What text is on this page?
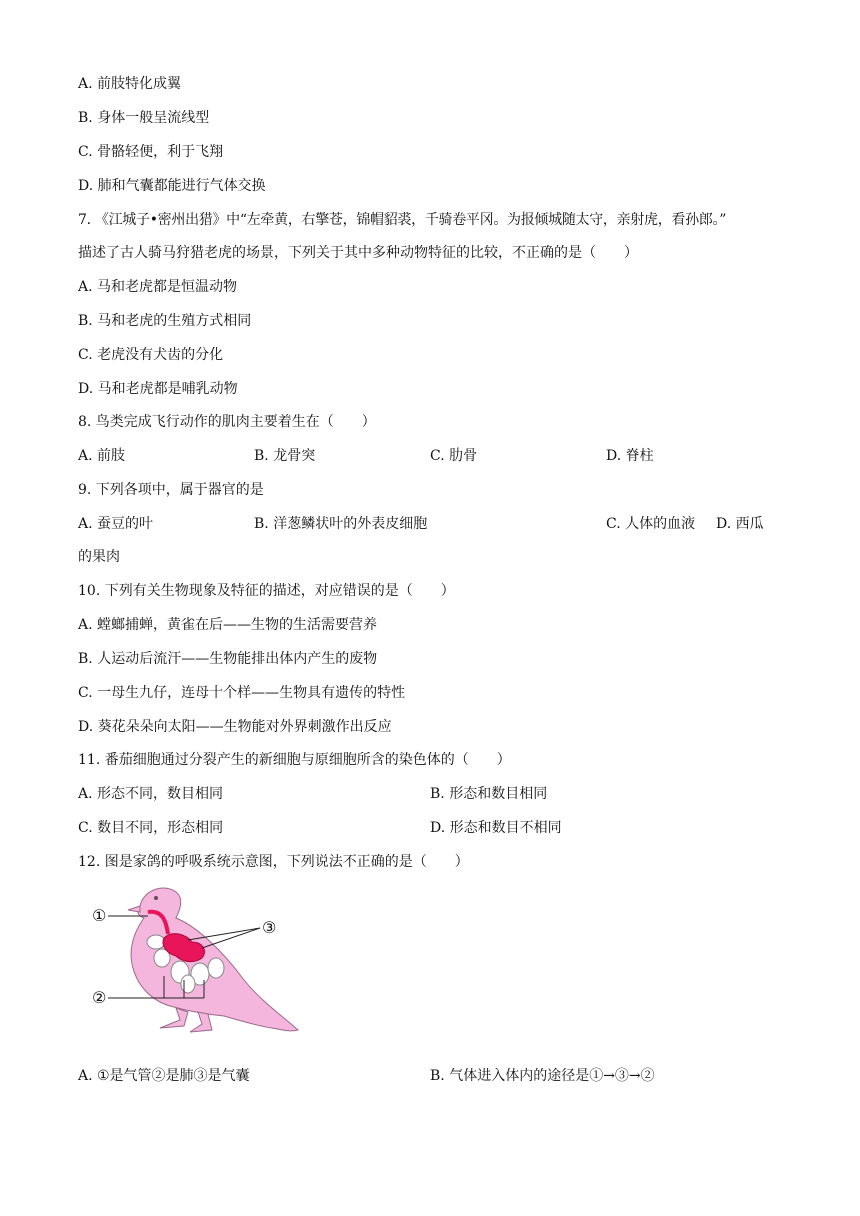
A. 前肢特化成翼
B. 身体一般呈流线型
C. 骨骼轻便，利于飞翔
D. 肺和气囊都能进行气体交换
7. 《江城子•密州出猎》中“左牵黄，右擎苍，锦帽貂裘，千骑卷平冈。为报倾城随太守，亲射虎，看孙郎。”
描述了古人骑马狩猎老虎的场景，下列关于其中多种动物特征的比较，不正确的是（　　）
A. 马和老虎都是恒温动物
B. 马和老虎的生殖方式相同
C. 老虎没有犬齿的分化
D. 马和老虎都是哺乳动物
8. 鸟类完成飞行动作的肌肉主要着生在（　　）
A. 前肢	B. 龙骨突	C. 肋骨	D. 脊柱
9. 下列各项中，属于器官的是
A. 蚕豆的叶	B. 洋葱鳞状叶的外表皮细胞	C. 人体的血液 D. 西瓜
的果肉
10. 下列有关生物现象及特征的描述，对应错误的是（　　）
A. 螳螂捕蝉，黄雀在后——生物的生活需要营养
B. 人运动后流汗——生物能排出体内产生的废物
C. 一母生九仔，连母十个样——生物具有遗传的特性
D. 葵花朵朵向太阳——生物能对外界刺激作出反应
11. 番茄细胞通过分裂产生的新细胞与原细胞所含的染色体的（　　）
A. 形态不同，数目相同	B. 形态和数目相同
C. 数目不同，形态相同	D. 形态和数目不相同
12. 图是家鸽的呼吸系统示意图，下列说法不正确的是（　　）
①
②
③
A. ①是气管②是肺③是气囊	B. 气体进入体内的途径是①→③→②
